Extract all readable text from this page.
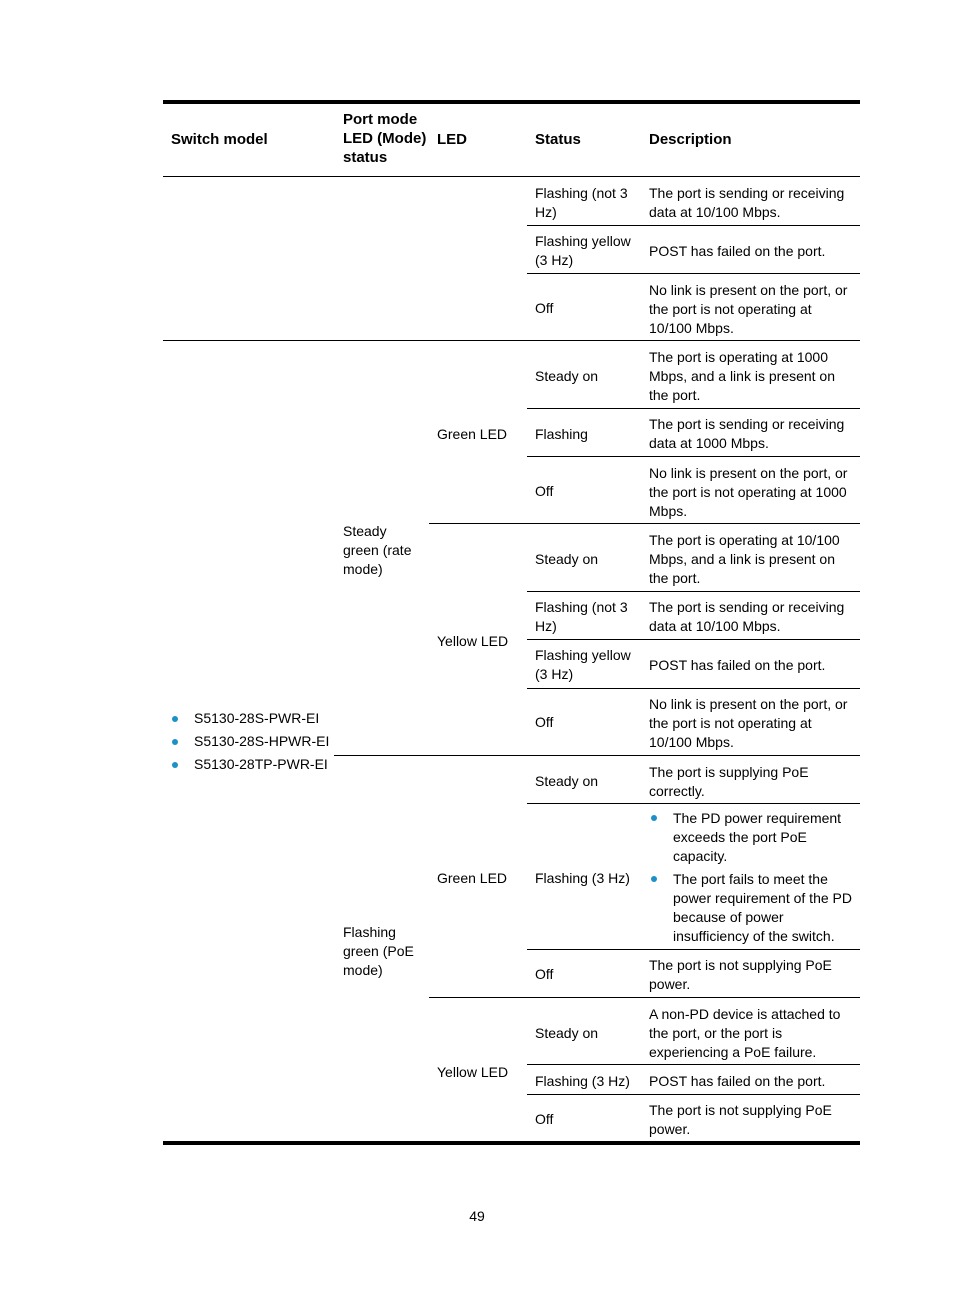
Switch model
Port mode
LED (Mode)
status
LED	Status	Description
Flashing (not 3
Hz)
The port is sending or receiving
data at 10/100 Mbps.
Flashing yellow
(3 Hz)
POST has failed on the port.
Off
No link is present on the port, or
the port is not operating at
10/100 Mbps.
S5130-28S-PWR-EI
S5130-28S-HPWR-EI
S5130-28TP-PWR-EI
Steady
green (rate
mode)
Green LED
Steady on
The port is operating at 1000
Mbps, and a link is present on
the port.
Flashing
The port is sending or receiving
data at 1000 Mbps.
Off
No link is present on the port, or
the port is not operating at 1000
Mbps.
Yellow LED
Steady on
The port is operating at 10/100
Mbps, and a link is present on
the port.
Flashing (not 3
Hz)
The port is sending or receiving
data at 10/100 Mbps.
Flashing yellow
(3 Hz)
POST has failed on the port.
Off
No link is present on the port, or
the port is not operating at
10/100 Mbps.
Flashing
green (PoE
mode)
Green LED
Steady on
The port is supplying PoE
correctly.
Flashing (3 Hz)
The PD power requirement
exceeds the port PoE
capacity.
The port fails to meet the
power requirement of the PD
because of power
insufficiency of the switch.
Off
The port is not supplying PoE
power.
Yellow LED
Steady on
A non-PD device is attached to
the port, or the port is
experiencing a PoE failure.
Flashing (3 Hz) POST has failed on the port.
Off
The port is not supplying PoE
power.
49
